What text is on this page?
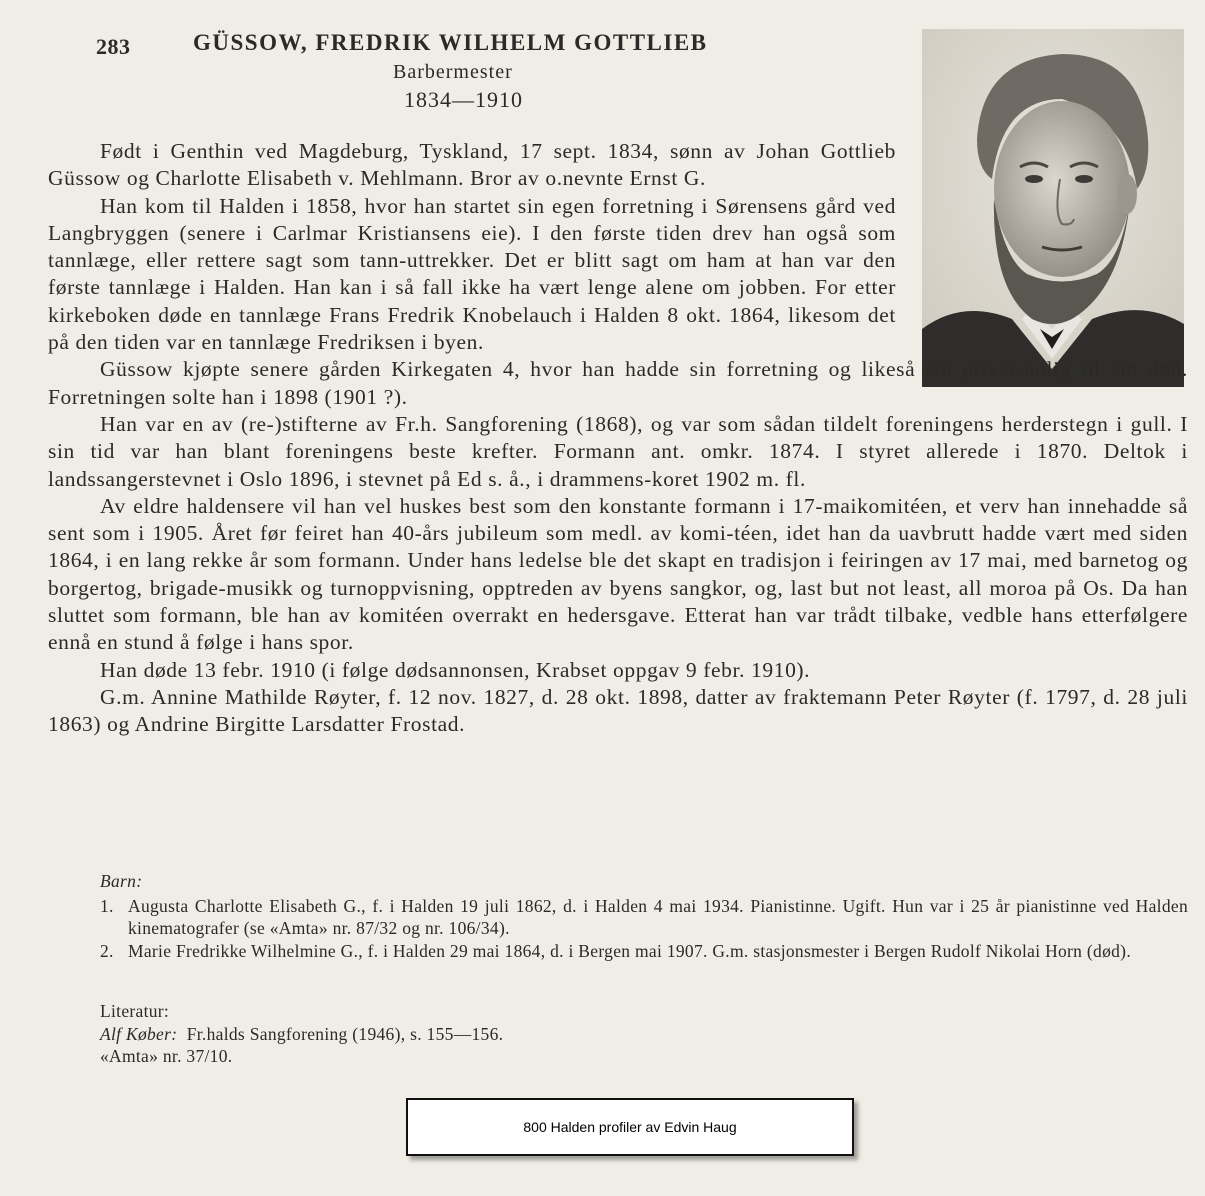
283	GÜSSOW, FREDRIK WILHELM GOTTLIEB
Barbermester
1834—1910

Født i Genthin ved Magdeburg, Tyskland, 17 sept. 1834, sønn av Johan Gottlieb Güssow og Charlotte Elisabeth v. Mehlmann. Bror av o.nevnte Ernst G.

Han kom til Halden i 1858, hvor han startet sin egen forretning i Sørensens gård ved Langbryggen (senere i Carlmar Kristiansens eie). I den første tiden drev han også som tannlæge, eller rettere sagt som tann-uttrekker. Det er blitt sagt om ham at han var den første tannlæge i Halden. Han kan i så fall ikke ha vært lenge alene om jobben. For etter kirkeboken døde en tannlæge Frans Fredrik Knobelauch i Halden 8 okt. 1864, likesom det på den tiden var en tannlæge Fredriksen i byen.

Güssow kjøpte senere gården Kirkegaten 4, hvor han hadde sin forretning og likeså sin privat-bolig til sin død. Forretningen solte han i 1898 (1901 ?).

Han var en av (re-)stifterne av Fr.h. Sangforening (1868), og var som sådan tildelt foreningens herderstegn i gull. I sin tid var han blant foreningens beste krefter. Formann ant. omkr. 1874. I styret allerede i 1870. Deltok i landssangerstevnet i Oslo 1896, i stevnet på Ed s. å., i drammens-koret 1902 m. fl.

Av eldre haldensere vil han vel huskes best som den konstante formann i 17-maikomitéen, et verv han innehadde så sent som i 1905. Året før feiret han 40-års jubileum som medl. av komi-téen, idet han da uavbrutt hadde vært med siden 1864, i en lang rekke år som formann. Under hans ledelse ble det skapt en tradisjon i feiringen av 17 mai, med barnetog og borgertog, brigade-musikk og turnoppvisning, opptreden av byens sangkor, og, last but not least, all moroa på Os. Da han sluttet som formann, ble han av komitéen overrakt en hedersgave. Etterat han var trådt tilbake, vedble hans etterfølgere ennå en stund å følge i hans spor.

Han døde 13 febr. 1910 (i følge dødsannonsen, Krabset oppgav 9 febr. 1910).

G.m. Annine Mathilde Røyter, f. 12 nov. 1827, d. 28 okt. 1898, datter av fraktemann Peter Røyter (f. 1797, d. 28 juli 1863) og Andrine Birgitte Larsdatter Frostad.

Barn:
1. Augusta Charlotte Elisabeth G., f. i Halden 19 juli 1862, d. i Halden 4 mai 1934. Pianistinne. Ugift. Hun var i 25 år pianistinne ved Halden kinematografer (se «Amta» nr. 87/32 og nr. 106/34).
2. Marie Fredrikke Wilhelmine G., f. i Halden 29 mai 1864, d. i Bergen mai 1907. G.m. stasjonsmester i Bergen Rudolf Nikolai Horn (død).
Literatur:
Alf Køber: Fr.halds Sangforening (1946), s. 155—156.
«Amta» nr. 37/10.
800 Halden profiler av Edvin Haug
